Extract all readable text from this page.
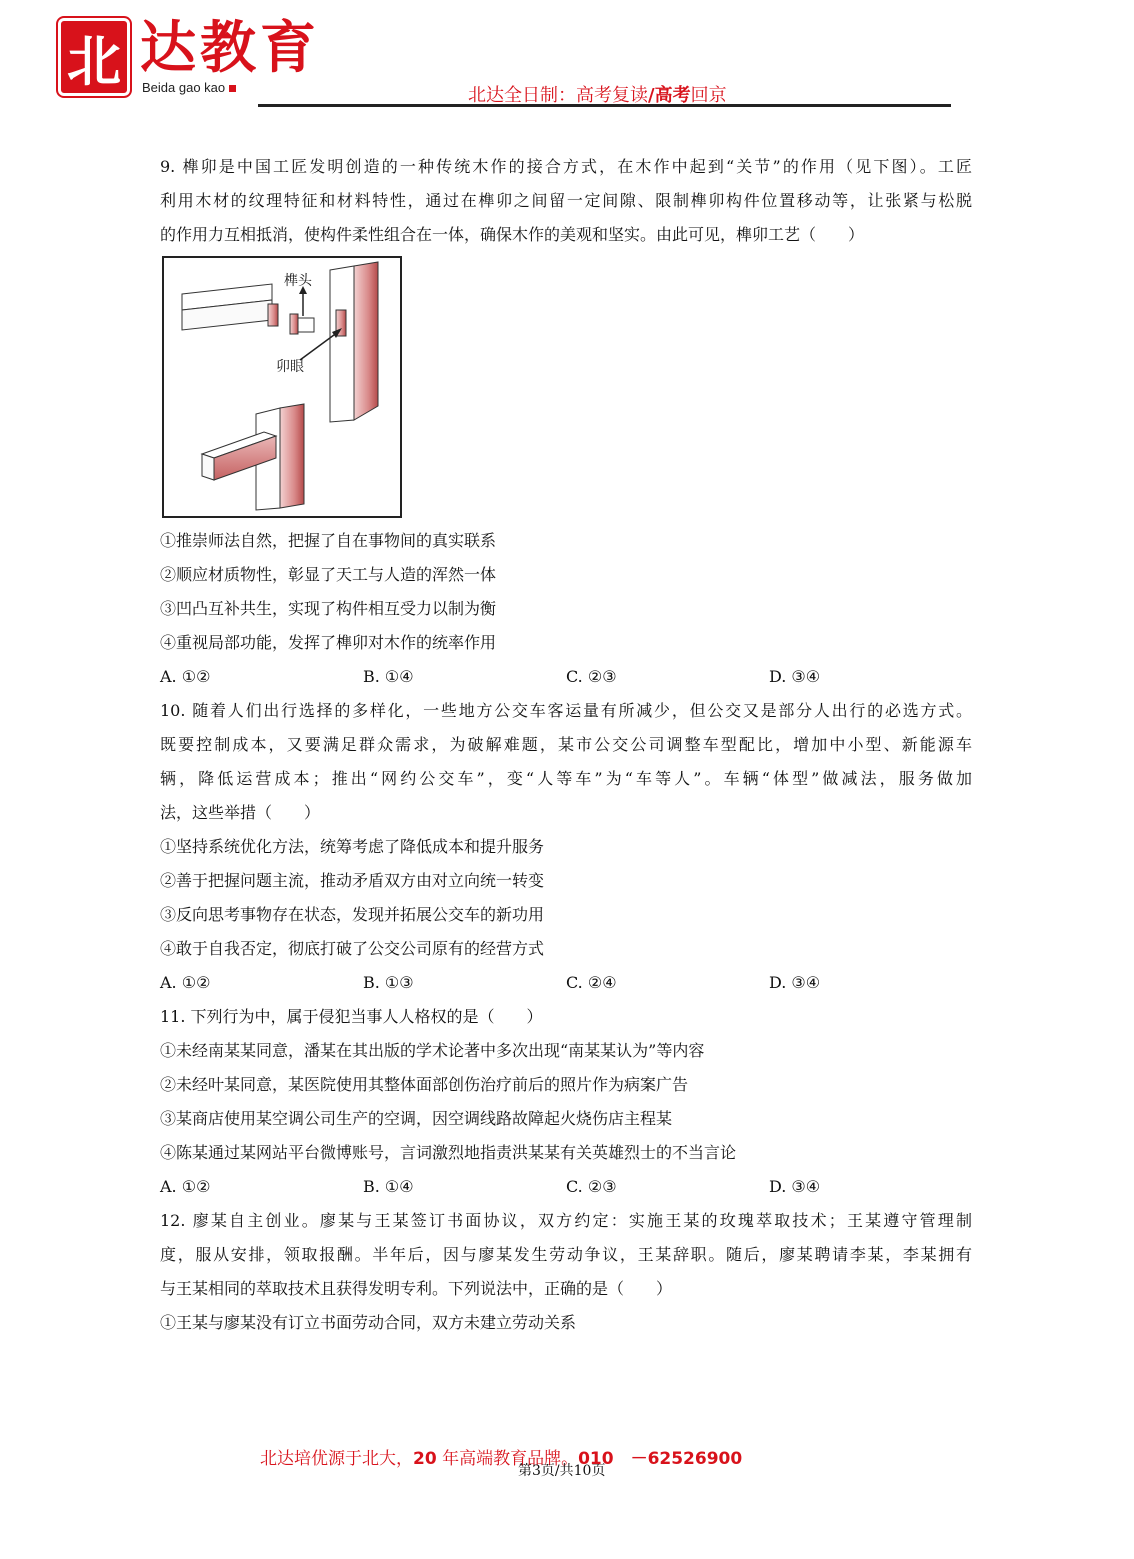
北 达教育
Beida gao kao	北达全日制：高考复读/高考回京
9. 榫卯是中国工匠发明创造的一种传统木作的接合方式，在木作中起到“关节”的作用（见下图）。工匠
利用木材的纹理特征和材料特性，通过在榫卯之间留一定间隙、限制榫卯构件位置移动等，让张紧与松脱
的作用力互相抵消，使构件柔性组合在一体，确保木作的美观和坚实。由此可见，榫卯工艺（　　）
榫头
卯眼
①推崇师法自然，把握了自在事物间的真实联系
②顺应材质物性，彰显了天工与人造的浑然一体
③凹凸互补共生，实现了构件相互受力以制为衡
④重视局部功能，发挥了榫卯对木作的统率作用
A. ①②	B. ①④	C. ②③	D. ③④
10. 随着人们出行选择的多样化，一些地方公交车客运量有所减少，但公交又是部分人出行的必选方式。
既要控制成本，又要满足群众需求，为破解难题，某市公交公司调整车型配比，增加中小型、新能源车
辆，降低运营成本；推出“网约公交车”，变“人等车”为“车等人”。车辆“体型”做减法，服务做加
法，这些举措（　　）
①坚持系统优化方法，统筹考虑了降低成本和提升服务
②善于把握问题主流，推动矛盾双方由对立向统一转变
③反向思考事物存在状态，发现并拓展公交车的新功用
④敢于自我否定，彻底打破了公交公司原有的经营方式
A. ①②	B. ①③	C. ②④	D. ③④
11. 下列行为中，属于侵犯当事人人格权的是（　　）
①未经南某某同意，潘某在其出版的学术论著中多次出现“南某某认为”等内容
②未经叶某同意，某医院使用其整体面部创伤治疗前后的照片作为病案广告
③某商店使用某空调公司生产的空调，因空调线路故障起火烧伤店主程某
④陈某通过某网站平台微博账号，言词激烈地指责洪某某有关英雄烈士的不当言论
A. ①②	B. ①④	C. ②③	D. ③④
12. 廖某自主创业。廖某与王某签订书面协议，双方约定：实施王某的玫瑰萃取技术；王某遵守管理制
度，服从安排，领取报酬。半年后，因与廖某发生劳动争议，王某辞职。随后，廖某聘请李某，李某拥有
与王某相同的萃取技术且获得发明专利。下列说法中，正确的是（　　）
①王某与廖某没有订立书面劳动合同，双方未建立劳动关系
北达培优源于北大，20 年高端教育品牌。010　－62526900
第3页/共10页
